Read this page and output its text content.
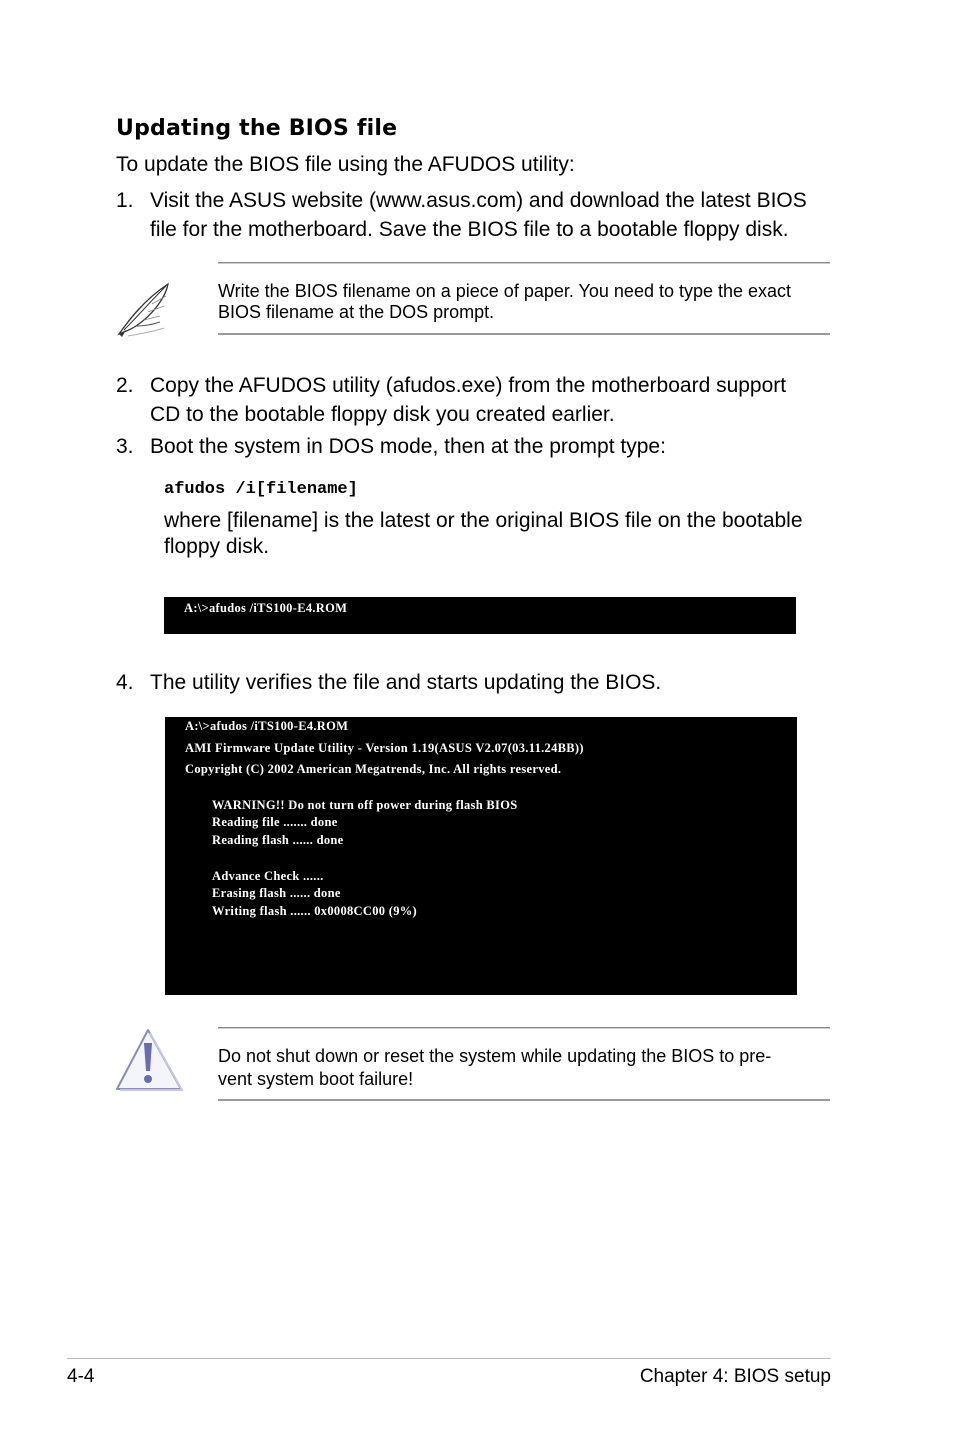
Updating the BIOS file
To update the BIOS file using the AFUDOS utility:
1. Visit the ASUS website (www.asus.com) and download the latest BIOS
file for the motherboard. Save the BIOS file to a bootable floppy disk.
Write the BIOS filename on a piece of paper. You need to type the exact
BIOS filename at the DOS prompt.
2. Copy the AFUDOS utility (afudos.exe) from the motherboard support
CD to the bootable floppy disk you created earlier.
3. Boot the system in DOS mode, then at the prompt type:
afudos /i[filename]
where [filename] is the latest or the original BIOS file on the bootable
floppy disk.
A:\>afudos /iTS100-E4.ROM
4. The utility verifies the file and starts updating the BIOS.
A:\>afudos /iTS100-E4.ROM
AMI Firmware Update Utility - Version 1.19(ASUS V2.07(03.11.24BB))
Copyright (C) 2002 American Megatrends, Inc. All rights reserved.
WARNING!! Do not turn off power during flash BIOS
Reading file ....... done
Reading flash ...... done
Advance Check ......
Erasing flash ...... done
Writing flash ...... 0x0008CC00 (9%)
Do not shut down or reset the system while updating the BIOS to pre-
vent system boot failure!
4-4	Chapter 4: BIOS setup
